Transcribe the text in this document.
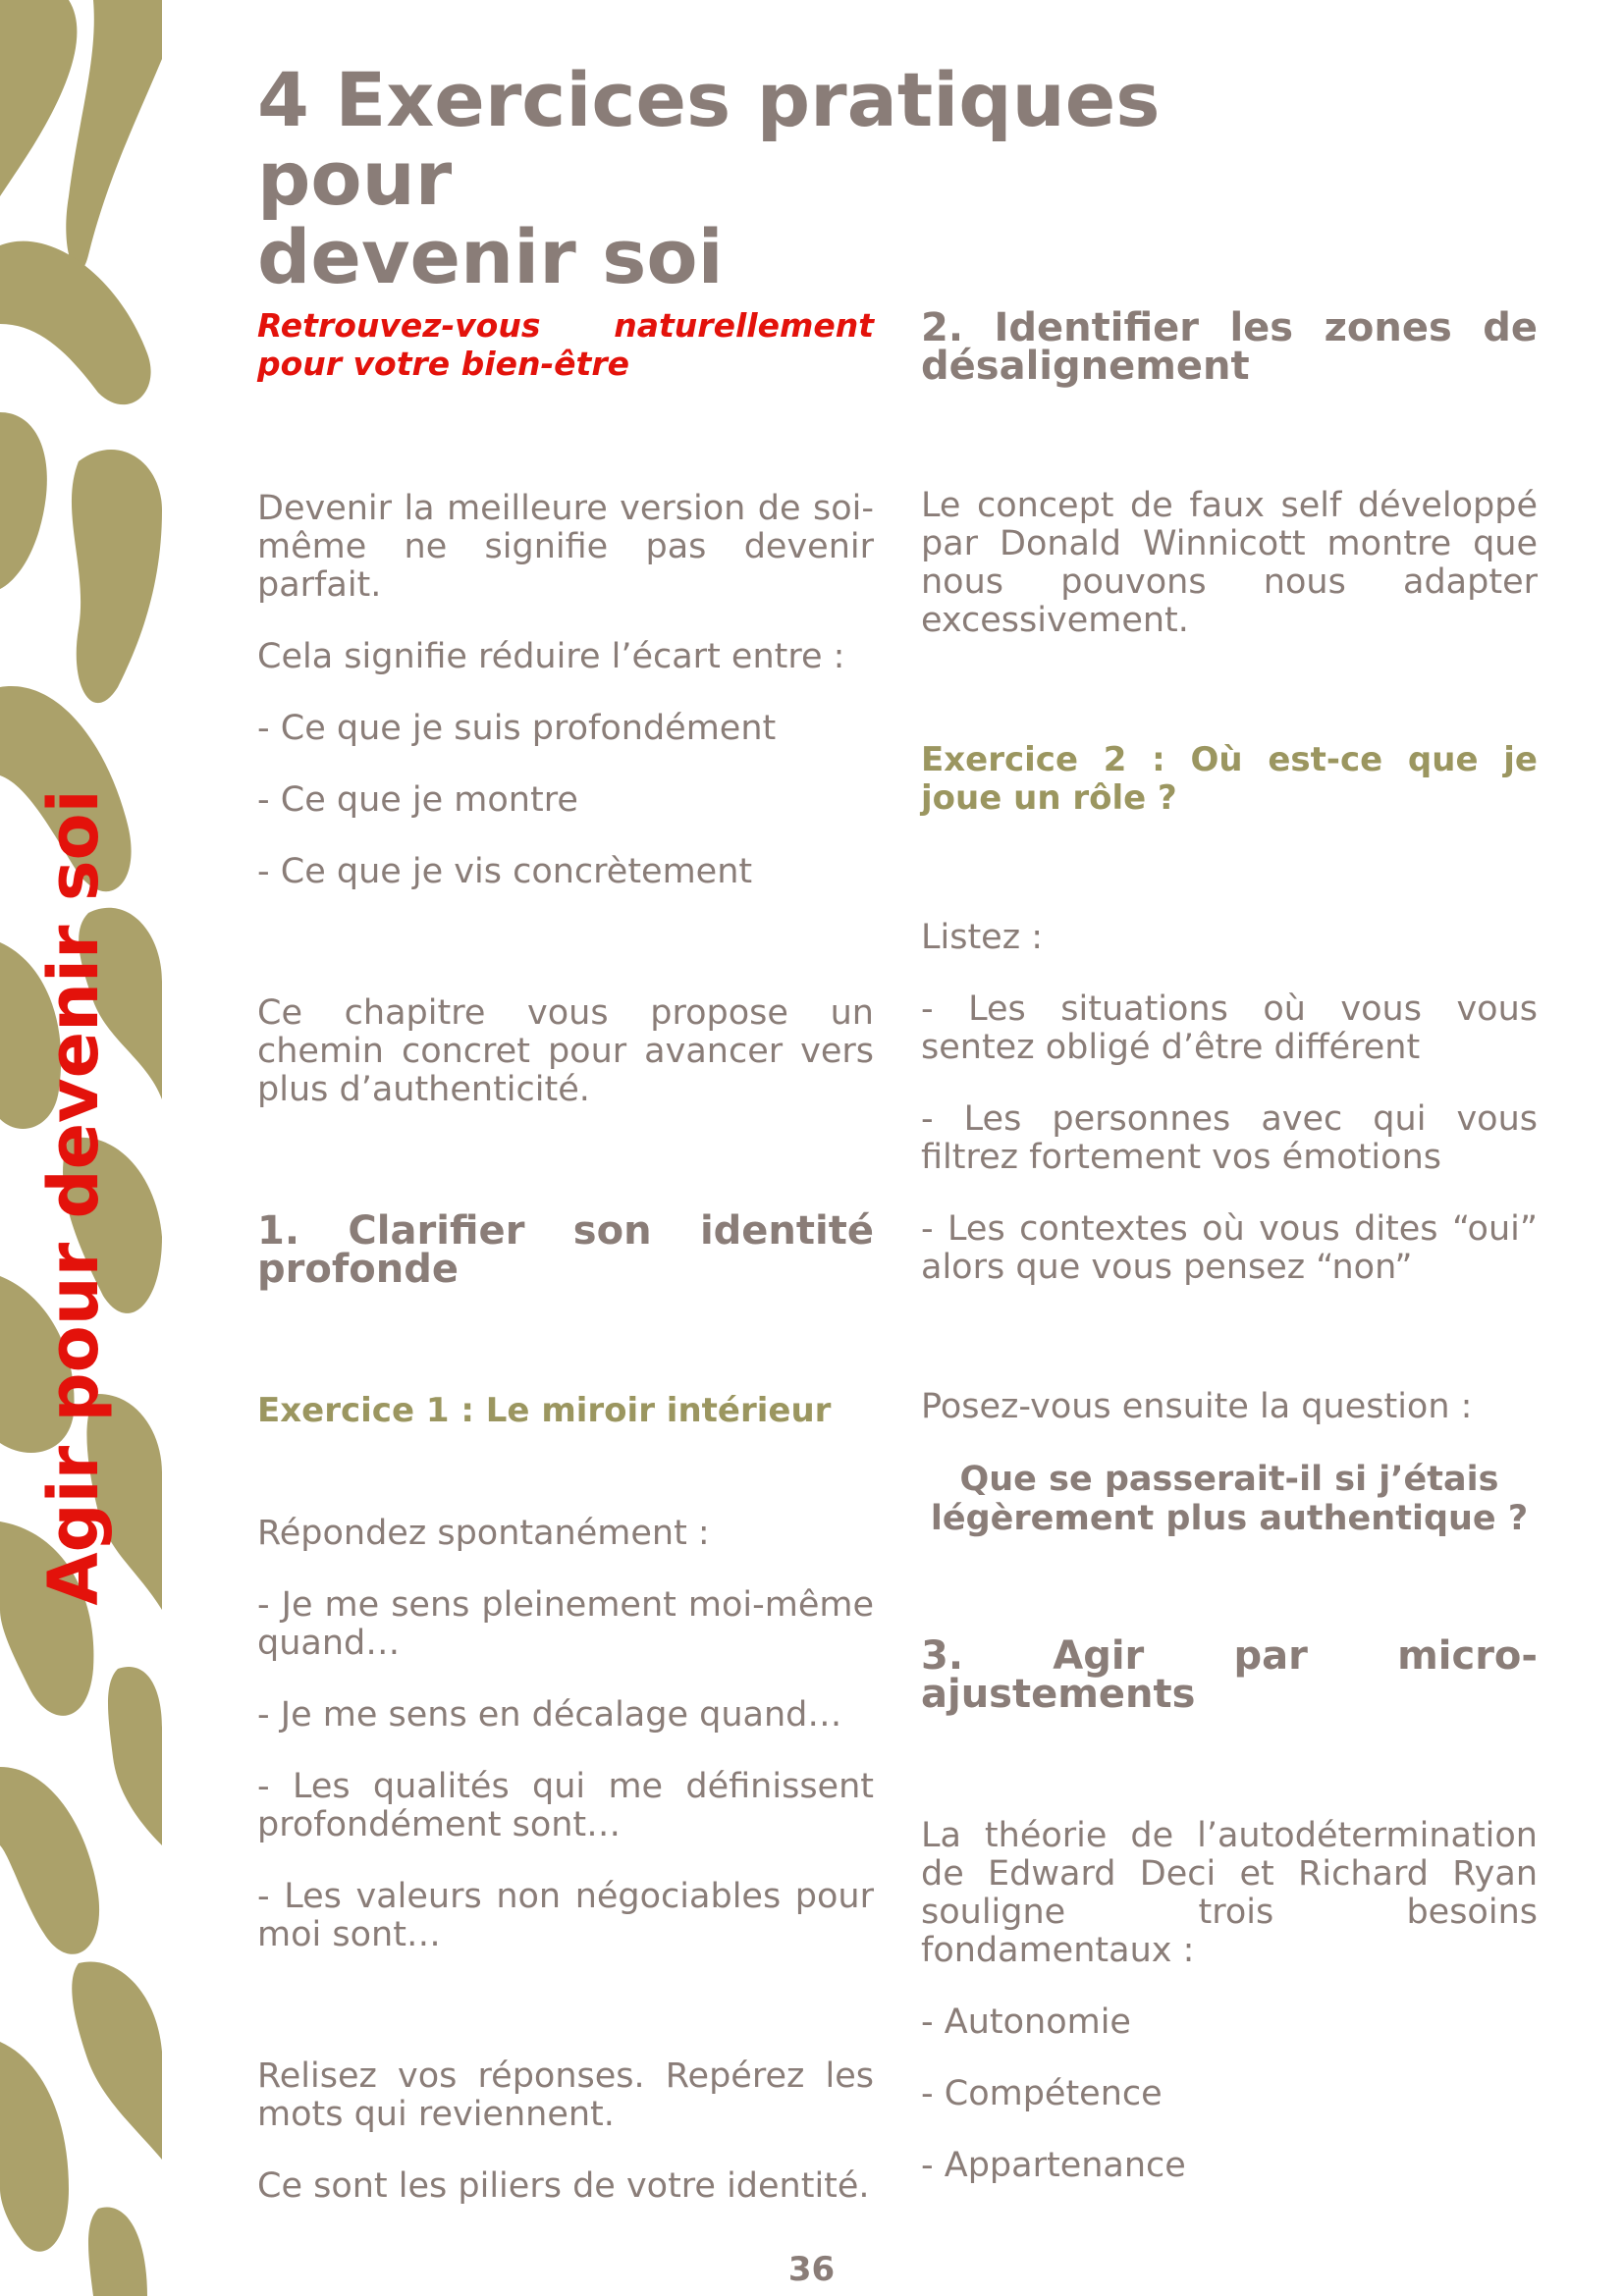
Agir pour devenir soi
4 Exercices pratiques pour
devenir soi

Retrouvez-vous naturellement pour votre bien-être

Devenir la meilleure version de soi-même ne signifie pas devenir parfait.

Cela signifie réduire l’écart entre :

- Ce que je suis profondément

- Ce que je montre

- Ce que je vis concrètement

Ce chapitre vous propose un chemin concret pour avancer vers plus d’authenticité.

1. Clarifier son identité profonde
Exercice 1 : Le miroir intérieur

Répondez spontanément :

- Je me sens pleinement moi-même quand…

- Je me sens en décalage quand…

- Les qualités qui me définissent profondément sont…

- Les valeurs non négociables pour moi sont…

Relisez vos réponses. Repérez les mots qui reviennent.

Ce sont les piliers de votre identité.

2. Identifier les zones de désalignement

Le concept de faux self développé par Donald Winnicott montre que nous pouvons nous adapter excessivement.

Exercice 2 : Où est-ce que je joue un rôle ?

Listez :

- Les situations où vous vous sentez obligé d’être différent

- Les personnes avec qui vous filtrez fortement vos émotions

- Les contextes où vous dites “oui” alors que vous pensez “non”

Posez-vous ensuite la question :

Que se passerait-il si j’étais légèrement plus authentique ?

3. Agir par micro-ajustements

La théorie de l’autodétermination de Edward Deci et Richard Ryan souligne trois besoins fondamentaux :

- Autonomie

- Compétence

- Appartenance

36
